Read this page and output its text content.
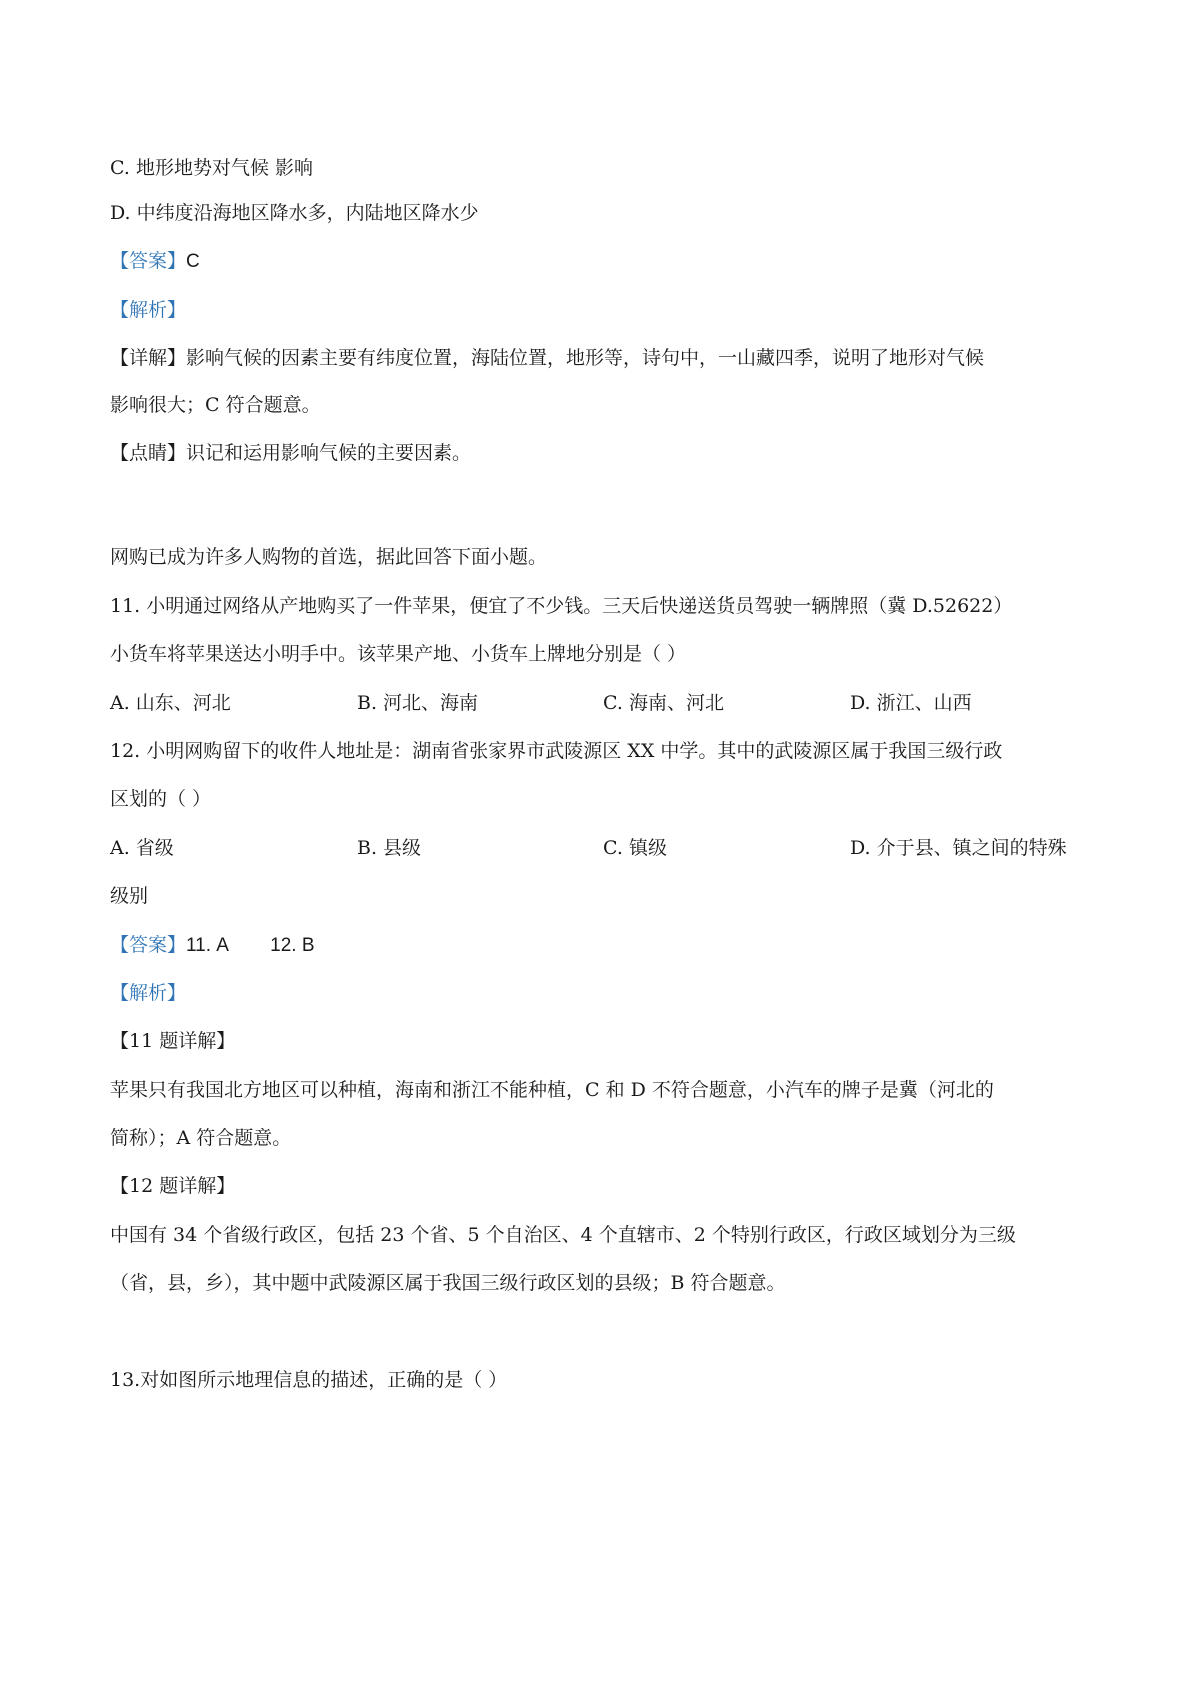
C. 地形地势对气候 影响
D. 中纬度沿海地区降水多，内陆地区降水少
【答案】C
【解析】
【详解】影响气候的因素主要有纬度位置，海陆位置，地形等，诗句中，一山藏四季，说明了地形对气候
影响很大；C 符合题意。
【点睛】识记和运用影响气候的主要因素。
网购已成为许多人购物的首选，据此回答下面小题。
11. 小明通过网络从产地购买了一件苹果，便宜了不少钱。三天后快递送货员驾驶一辆牌照（冀 D.52622）
小货车将苹果送达小明手中。该苹果产地、小货车上牌地分别是（ ）
A. 山东、河北	B. 河北、海南	C. 海南、河北	D. 浙江、山西
12. 小明网购留下的收件人地址是：湖南省张家界市武陵源区 XX 中学。其中的武陵源区属于我国三级行政
区划的（ ）
A. 省级	B. 县级	C. 镇级	D. 介于县、镇之间的特殊
级别
【答案】11. A        12. B
【解析】
【11 题详解】
苹果只有我国北方地区可以种植，海南和浙江不能种植，C 和 D 不符合题意，小汽车的牌子是冀（河北的
简称）；A 符合题意。
【12 题详解】
中国有 34 个省级行政区，包括 23 个省、5 个自治区、4 个直辖市、2 个特别行政区，行政区域划分为三级
（省，县，乡），其中题中武陵源区属于我国三级行政区划的县级；B 符合题意。
13.对如图所示地理信息的描述，正确的是（ ）
